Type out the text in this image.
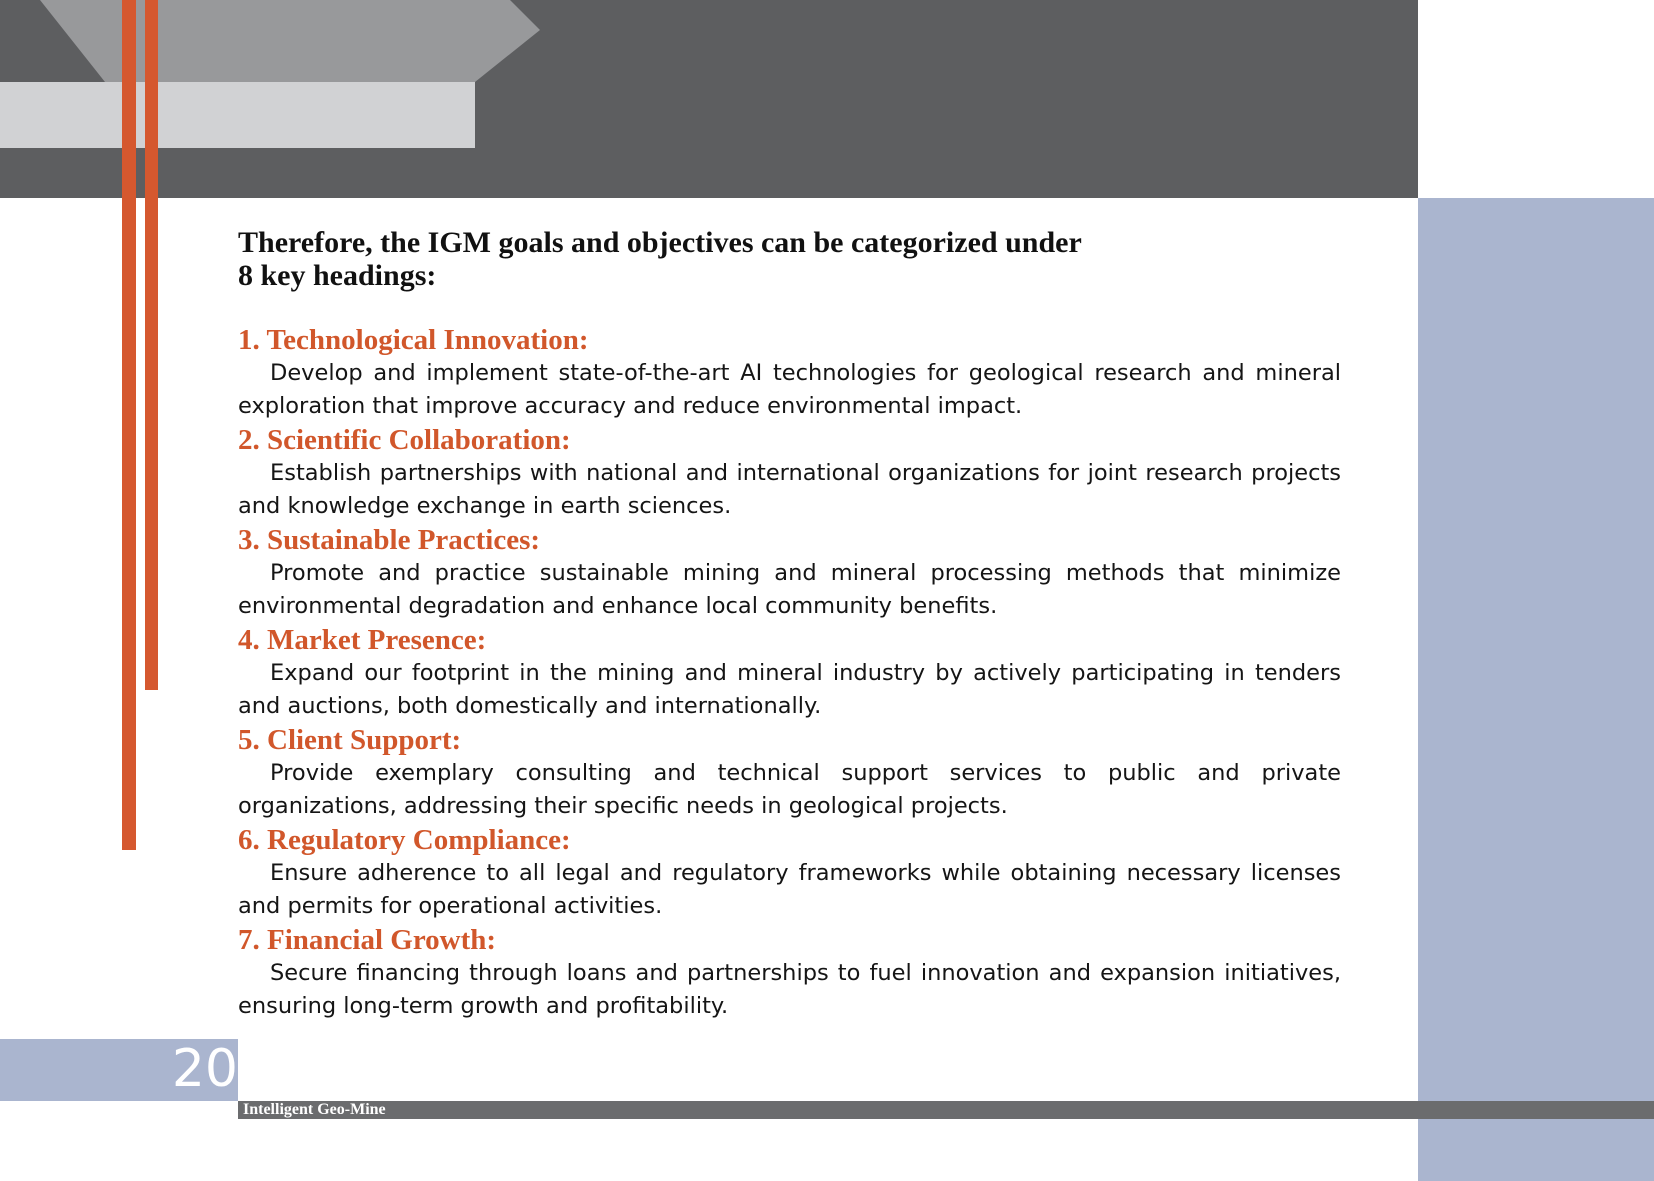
Therefore, the IGM goals and objectives can be categorized under
8 key headings:

1. Technological Innovation:

Develop and implement state-of-the-art AI technologies for geological research and mineral exploration that improve accuracy and reduce environmental impact.

2. Scientific Collaboration:

Establish partnerships with national and international organizations for joint research projects and knowledge exchange in earth sciences.

3. Sustainable Practices:

Promote and practice sustainable mining and mineral processing methods that minimize environmental degradation and enhance local community benefits.

4. Market Presence:

Expand our footprint in the mining and mineral industry by actively participating in tenders and auctions, both domestically and internationally.

5. Client Support:

Provide exemplary consulting and technical support services to public and private organizations, addressing their specific needs in geological projects.

6. Regulatory Compliance:

Ensure adherence to all legal and regulatory frameworks while obtaining necessary licenses and permits for operational activities.

7. Financial Growth:

Secure financing through loans and partnerships to fuel innovation and expansion initiatives, ensuring long-term growth and profitability.

20
Intelligent Geo-Mine
